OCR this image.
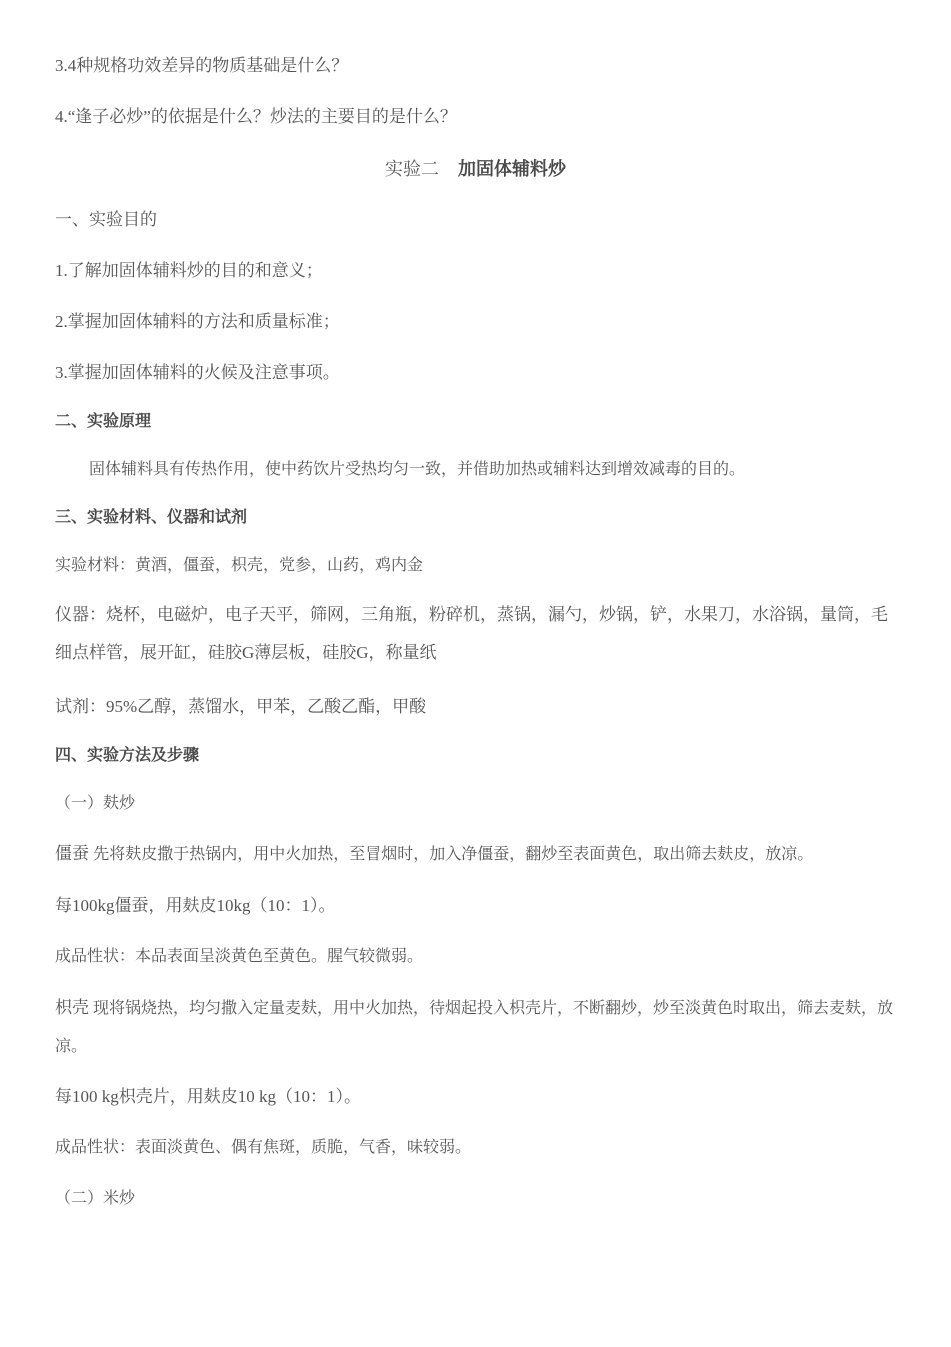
3.4种规格功效差异的物质基础是什么？
4.“逢子必炒”的依据是什么？炒法的主要目的是什么？
实验二 加固体辅料炒
一、实验目的
1.了解加固体辅料炒的目的和意义；
2.掌握加固体辅料的方法和质量标准；
3.掌握加固体辅料的火候及注意事项。
二、实验原理
固体辅料具有传热作用，使中药饮片受热均匀一致，并借助加热或辅料达到增效减毒的目的。
三、实验材料、仪器和试剂
实验材料：黄酒，僵蚕，枳壳，党参，山药，鸡内金
仪器：烧杯，电磁炉，电子天平，筛网，三角瓶，粉碎机，蒸锅，漏勺，炒锅，铲，水果刀，水浴锅，量筒，毛细点样管，展开缸，硅胶G薄层板，硅胶G，称量纸
试剂：95%乙醇，蒸馏水，甲苯，乙酸乙酯，甲酸
四、实验方法及步骤
（一）麸炒
僵蚕 先将麸皮撒于热锅内，用中火加热，至冒烟时，加入净僵蚕，翻炒至表面黄色，取出筛去麸皮，放凉。
每100kg僵蚕，用麸皮10kg（10：1）。
成品性状：本品表面呈淡黄色至黄色。腥气较微弱。
枳壳 现将锅烧热，均匀撒入定量麦麸，用中火加热，待烟起投入枳壳片，不断翻炒，炒至淡黄色时取出，筛去麦麸，放凉。
每100 kg枳壳片，用麸皮10 kg（10：1）。
成品性状：表面淡黄色、偶有焦斑，质脆，气香，味较弱。
（二）米炒
